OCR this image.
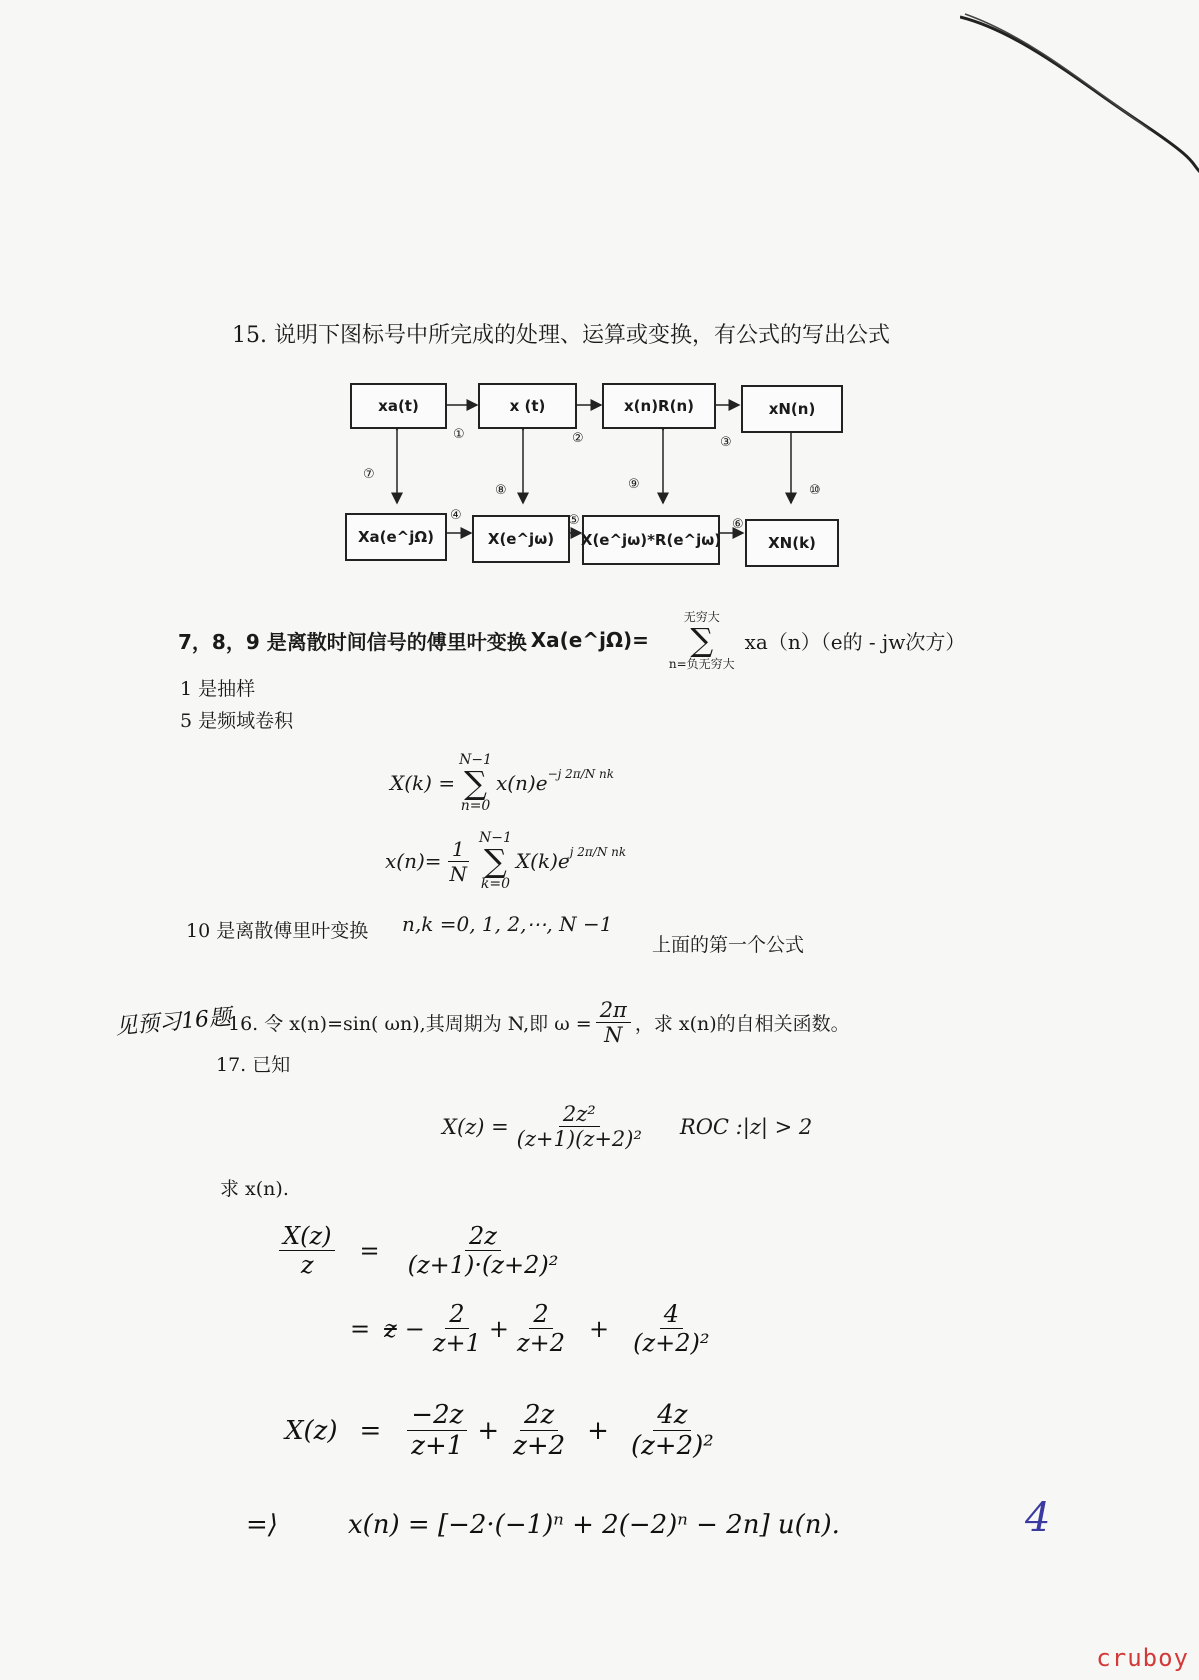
15. 说明下图标号中所完成的处理、运算或变换，有公式的写出公式
xa(t)	x (t)	x(n)R(n)	xN(n)
Xa(e^jΩ)	X(e^jω)	X(e^jω)*R(e^jω)	XN(k)
①	②	③
④	⑤	⑥
⑦
⑧	⑨	⑩
7，8，9 是离散时间信号的傅里叶变换 Xa(e^jΩ)=
无穷大
∑
n=负无穷大
xa（n）（e的 - jw次方）
1 是抽样
5 是频域卷积
X(k) =
N−1
∑
n=0
$x(n)e^{-j 2\pi/N nk}$
$x(n)= \frac{1}{N} N-1$
∑
k=0
$X(k)e^{j 2\pi/N nk}$
10 是离散傅里叶变换 n,k =0, 1, 2,⋯, N −1
上面的第一个公式
见预习16题
16. 令 x(n)=sin( ωn),其周期为 N,即 $\omega = \frac{2\pi}{N}$ ，求 x(n)的自相关函数。
17. 已知
$X(z) = \frac{\text{2z²}}{\text{(z+1)(z+2)²}}$ ROC :|z| > 2
求 x(n).
$\frac{X(z)}{z} = \frac{2z}{\text{(z+1)·(z+2)²}}$
= $z - \frac{2}{z+1} + \frac{2}{z+2} + \frac{4}{\text{(z+2)²}}$
$X(z) = \frac{-2z}{z+1} + \frac{2z}{z+2} + \frac{4z}{\text{(z+2)²}}$
=⟩	x(n) = [−2·(−1)ⁿ + 2(−2)ⁿ − 2n] u(n).	4
cruboy
